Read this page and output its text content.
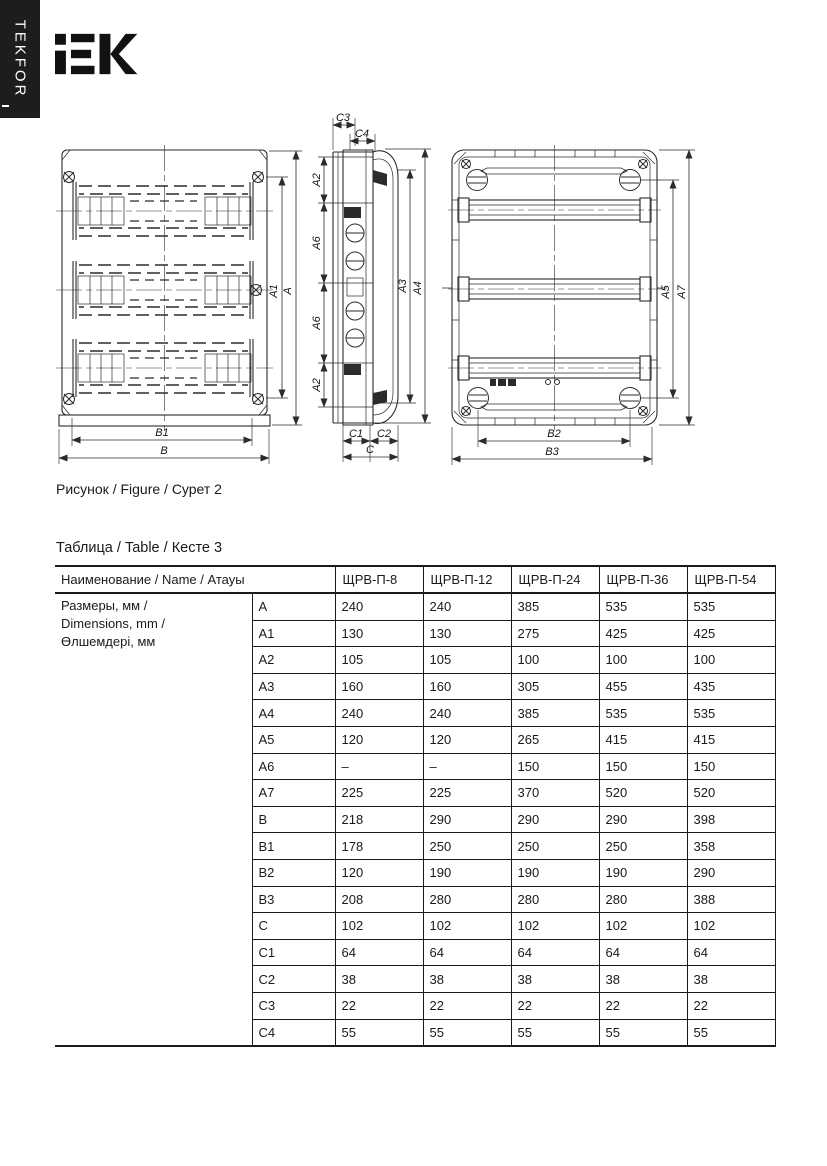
TEKFOR
A1 A
B1
B
C3
C4
A2
A6
A6
A2
A3 A4
C1 C2
C
A5 A7
B2
B3
Рисунок / Figure / Сурет 2
Таблица / Table / Кесте 3
Наименование / Name / Атауы		ЩРВ-П-8	ЩРВ-П-12	ЩРВ-П-24	ЩРВ-П-36	ЩРВ-П-54

Размеры, мм /
Dimensions, mm /
Өлшемдері, мм	A	240	240	385	535	535
	A1	130	130	275	425	425
	A2	105	105	100	100	100
	A3	160	160	305	455	435
	A4	240	240	385	535	535
	A5	120	120	265	415	415
	A6	–	–	150	150	150
	A7	225	225	370	520	520
	B	218	290	290	290	398
	B1	178	250	250	250	358
	B2	120	190	190	190	290
	B3	208	280	280	280	388
	C	102	102	102	102	102
	C1	64	64	64	64	64
	C2	38	38	38	38	38
	C3	22	22	22	22	22
	C4	55	55	55	55	55
